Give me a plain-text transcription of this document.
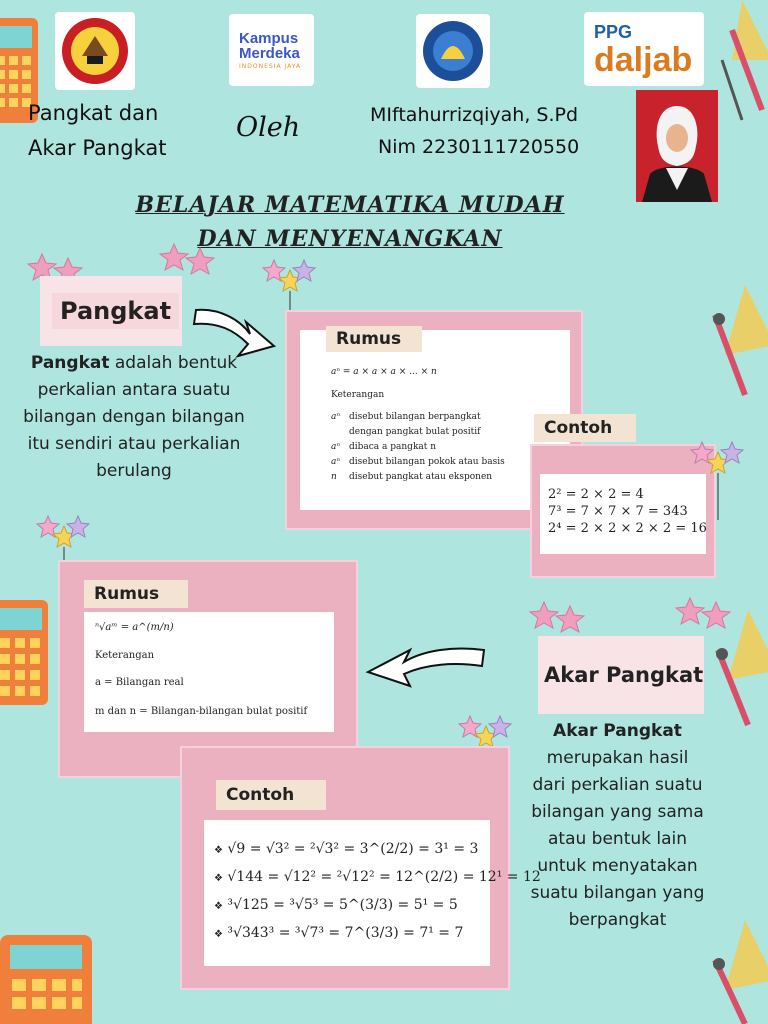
Kampus
Merdeka
INDONESIA JAYA
PPG
daljab
Pangkat dan
Akar Pangkat
Oleh	MIftahurrizqiyah, S.Pd
Nim 2230111720550
BELAJAR MATEMATIKA MUDAH
DAN MENYENANGKAN
Pangkat
Pangkat adalah bentuk perkalian antara suatu bilangan dengan bilangan itu sendiri atau perkalian berulang
Rumus
aⁿ = a × a × a × ... × n
Keterangan
aⁿ disebut bilangan berpangkat
dengan pangkat bulat positif
aⁿ dibaca a pangkat n
aⁿ disebut bilangan pokok atau basis
n disebut pangkat atau eksponen
Contoh
2² = 2 × 2 = 4
7³ = 7 × 7 × 7 = 343
2⁴ = 2 × 2 × 2 × 2 = 16
Rumus
ⁿ√aᵐ = a^(m/n)
Keterangan
a = Bilangan real
m dan n = Bilangan-bilangan bulat positif
Akar Pangkat
Akar Pangkat
merupakan hasil dari perkalian suatu bilangan yang sama atau bentuk lain untuk menyatakan suatu bilangan yang berpangkat
Contoh
❖ √9 = √3² = ²√3² = 3^(2/2) = 3¹ = 3
❖ √144 = √12² = ²√12² = 12^(2/2) = 12¹ = 12
❖ ³√125 = ³√5³ = 5^(3/3) = 5¹ = 5
❖ ³√343³ = ³√7³ = 7^(3/3) = 7¹ = 7
